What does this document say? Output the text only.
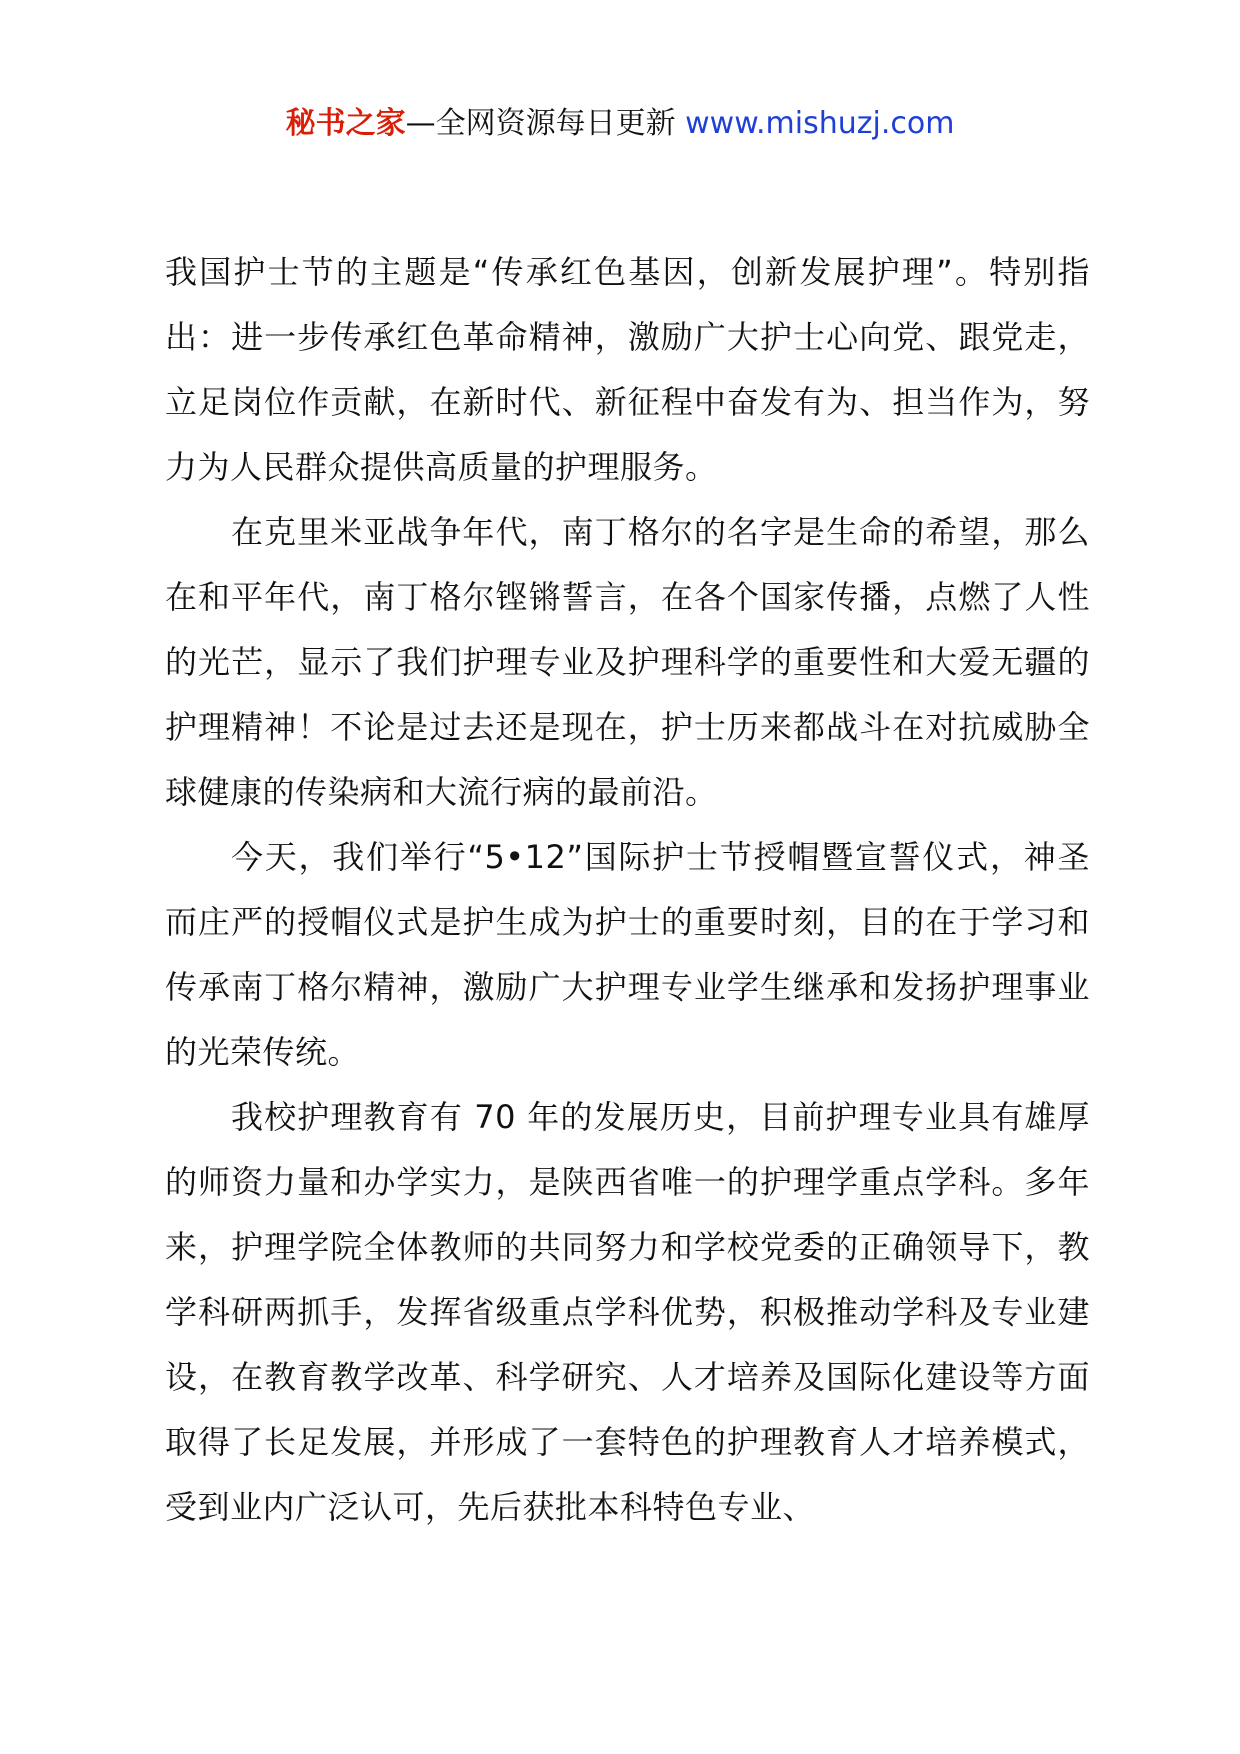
秘书之家—全网资源每日更新 www.mishuzj.com

我国护士节的主题是“传承红色基因，创新发展护理”。特别指出：进一步传承红色革命精神，激励广大护士心向党、跟党走，立足岗位作贡献，在新时代、新征程中奋发有为、担当作为，努力为人民群众提供高质量的护理服务。

在克里米亚战争年代，南丁格尔的名字是生命的希望，那么在和平年代，南丁格尔铿锵誓言，在各个国家传播，点燃了人性的光芒，显示了我们护理专业及护理科学的重要性和大爱无疆的护理精神！不论是过去还是现在，护士历来都战斗在对抗威胁全球健康的传染病和大流行病的最前沿。

今天，我们举行“5•12”国际护士节授帽暨宣誓仪式，神圣而庄严的授帽仪式是护生成为护士的重要时刻，目的在于学习和传承南丁格尔精神，激励广大护理专业学生继承和发扬护理事业的光荣传统。

我校护理教育有 70 年的发展历史，目前护理专业具有雄厚的师资力量和办学实力，是陕西省唯一的护理学重点学科。多年来，护理学院全体教师的共同努力和学校党委的正确领导下，教学科研两抓手，发挥省级重点学科优势，积极推动学科及专业建设，在教育教学改革、科学研究、人才培养及国际化建设等方面取得了长足发展，并形成了一套特色的护理教育人才培养模式，受到业内广泛认可，先后获批本科特色专业、
